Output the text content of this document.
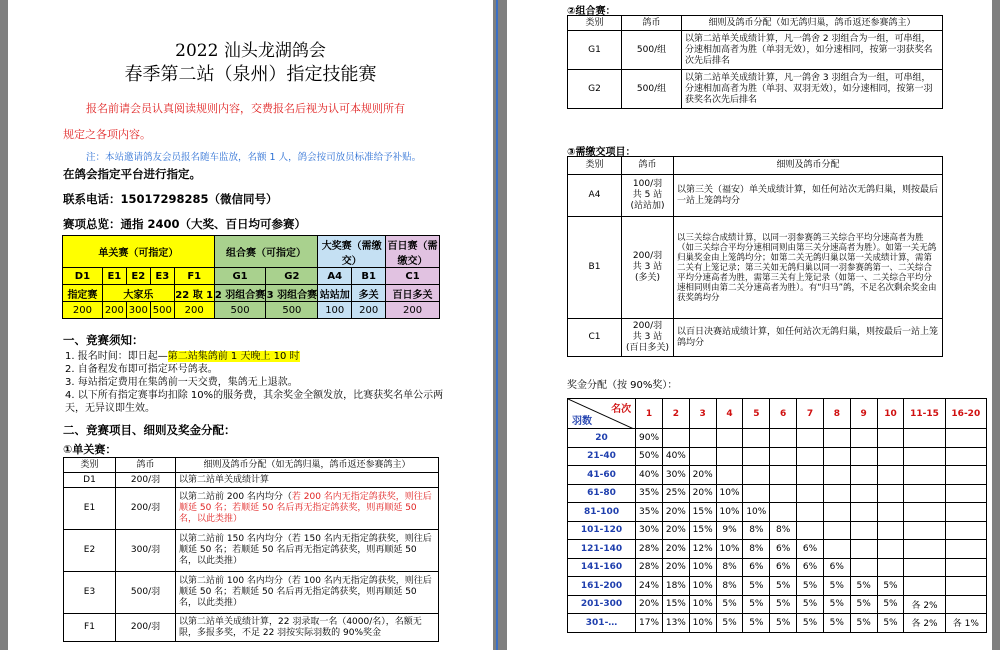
2022 汕头龙湖鸽会
春季第二站（泉州）指定技能赛
报名前请会员认真阅读规则内容，交费报名后视为认可本规则所有
规定之各项内容。
注：本站邀请鸽友会员报名随车监放，名额 1 人，鸽会按司放员标准给予补贴。
在鸽会指定平台进行指定。
联系电话：15017298285（微信同号）
赛项总览：通指 2400（大奖、百日均可参赛）
单关赛（可指定）					组合赛（可指定）		大奖赛（需缴交）		百日赛（需缴交）
D1	E1	E2	E3	F1	G1	G2	A4	B1	C1
指定赛	大家乐			22 取 1	2 羽组合赛	3 羽组合赛	站站加	多关	百日多关
200	200	300	500	200	500	500	100	200	200
一、竞赛须知：
1. 报名时间：即日起—第二站集鸽前 1 天晚上 10 时
2. 自备程发布即可指定环号鸽表。
3. 每站指定费用在集鸽前一天交费，集鸽无上退款。
4. 以下所有指定赛事均扣除 10%的服务费，其余奖金全额发放，比赛获奖名单公示两
天，无异议即生效。
二、竞赛项目、细则及奖金分配：
①单关赛：
类别	鸽币	细则及鸽币分配（如无鸽归巢，鸽币返还参赛鸽主）
D1	200/羽	以第二站单关成绩计算
E1	200/羽	以第二站前 200 名内均分（若 200 名内无指定鸽获奖，则往后顺延 50 名；若顺延 50 名后再无指定鸽获奖，则再顺延 50 名，以此类推）
E2	300/羽	以第二站前 150 名内均分（若 150 名内无指定鸽获奖，则往后顺延 50 名；若顺延 50 名后再无指定鸽获奖，则再顺延 50 名，以此类推）
E3	500/羽	以第二站前 100 名内均分（若 100 名内无指定鸽获奖，则往后顺延 50 名；若顺延 50 名后再无指定鸽获奖，则再顺延 50 名，以此类推）
F1	200/羽	以第二站单关成绩计算，22 羽录取一名（4000/名），名额无限，多报多奖，不足 22 羽按实际羽数的 90%奖金
②组合赛：
类别	鸽币	细则及鸽币分配（如无鸽归巢，鸽币返还参赛鸽主）
G1	500/组	以第二站单关成绩计算，凡一鸽舍 2 羽组合为一组，可串组，分速相加高者为胜（单羽无效），如分速相同，按第一羽获奖名次先后排名
G2	500/组	以第二站单关成绩计算，凡一鸽舍 3 羽组合为一组，可串组，分速相加高者为胜（单羽、双羽无效），如分速相同，按第一羽获奖名次先后排名
③需缴交项目：
类别	鸽币	细则及鸽币分配
A4	100/羽
共 5 站
(站站加)	以第三关（福安）单关成绩计算，如任何站次无鸽归巢，则按最后一站上笼鸽均分
B1	200/羽
共 3 站
(多关)	以三关综合成绩计算，以同一羽参赛鸽三关综合平均分速高者为胜（如三关综合平均分速相同则由第三关分速高者为胜）。如第一关无鸽归巢奖金由上笼鸽均分；如第二关无鸽归巢以第一关成绩计算，需第二关有上笼记录；第三关如无鸽归巢以同一羽参赛鸽第一、二关综合平均分速高者为胜，需第三关有上笼记录（如第一、二关综合平均分速相同则由第二关分速高者为胜）。有“归马”鸽，不足名次剩余奖金由获奖鸽均分
C1	200/羽
共 3 站
(百日多关)	以百日决赛站成绩计算，如任何站次无鸽归巢，则按最后一站上笼鸽均分
奖金分配（按 90%奖）：
名次
羽数	1	2	3	4	5	6	7	8	9	10	11-15	16-20
20	90%											
21-40	50%	40%										
41-60	40%	30%	20%									
61-80	35%	25%	20%	10%								
81-100	35%	20%	15%	10%	10%							
101-120	30%	20%	15%	9%	8%	8%						
121-140	28%	20%	12%	10%	8%	6%	6%					
141-160	28%	20%	10%	8%	6%	6%	6%	6%				
161-200	24%	18%	10%	8%	5%	5%	5%	5%	5%	5%		
201-300	20%	15%	10%	5%	5%	5%	5%	5%	5%	5%	各 2%	
301-…	17%	13%	10%	5%	5%	5%	5%	5%	5%	5%	各 2%	各 1%
